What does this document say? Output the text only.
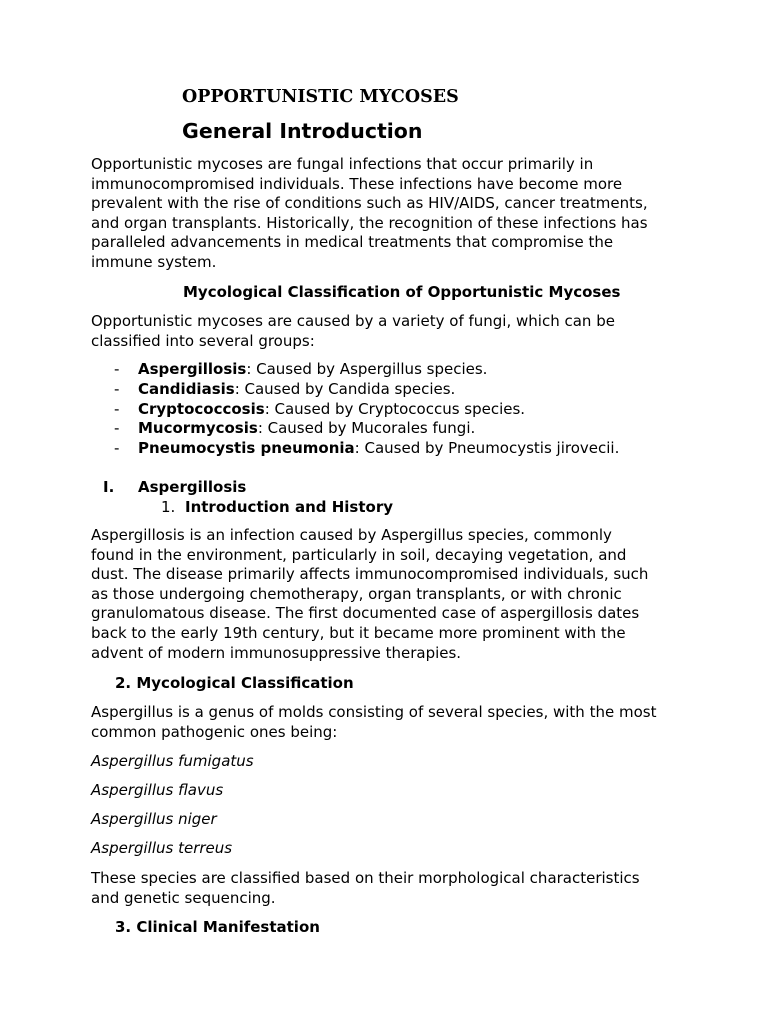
OPPORTUNISTIC MYCOSES
General Introduction
Opportunistic mycoses are fungal infections that occur primarily in
immunocompromised individuals. These infections have become more
prevalent with the rise of conditions such as HIV/AIDS, cancer treatments,
and organ transplants. Historically, the recognition of these infections has
paralleled advancements in medical treatments that compromise the
immune system.
Mycological Classification of Opportunistic Mycoses
Opportunistic mycoses are caused by a variety of fungi, which can be
classified into several groups:
- Aspergillosis: Caused by Aspergillus species.
- Candidiasis: Caused by Candida species.
- Cryptococcosis: Caused by Cryptococcus species.
- Mucormycosis: Caused by Mucorales fungi.
- Pneumocystis pneumonia: Caused by Pneumocystis jirovecii.
I. Aspergillosis
1. Introduction and History
Aspergillosis is an infection caused by Aspergillus species, commonly
found in the environment, particularly in soil, decaying vegetation, and
dust. The disease primarily affects immunocompromised individuals, such
as those undergoing chemotherapy, organ transplants, or with chronic
granulomatous disease. The first documented case of aspergillosis dates
back to the early 19th century, but it became more prominent with the
advent of modern immunosuppressive therapies.
2. Mycological Classification
Aspergillus is a genus of molds consisting of several species, with the most
common pathogenic ones being:
Aspergillus fumigatus
Aspergillus flavus
Aspergillus niger
Aspergillus terreus
These species are classified based on their morphological characteristics
and genetic sequencing.
3. Clinical Manifestation
